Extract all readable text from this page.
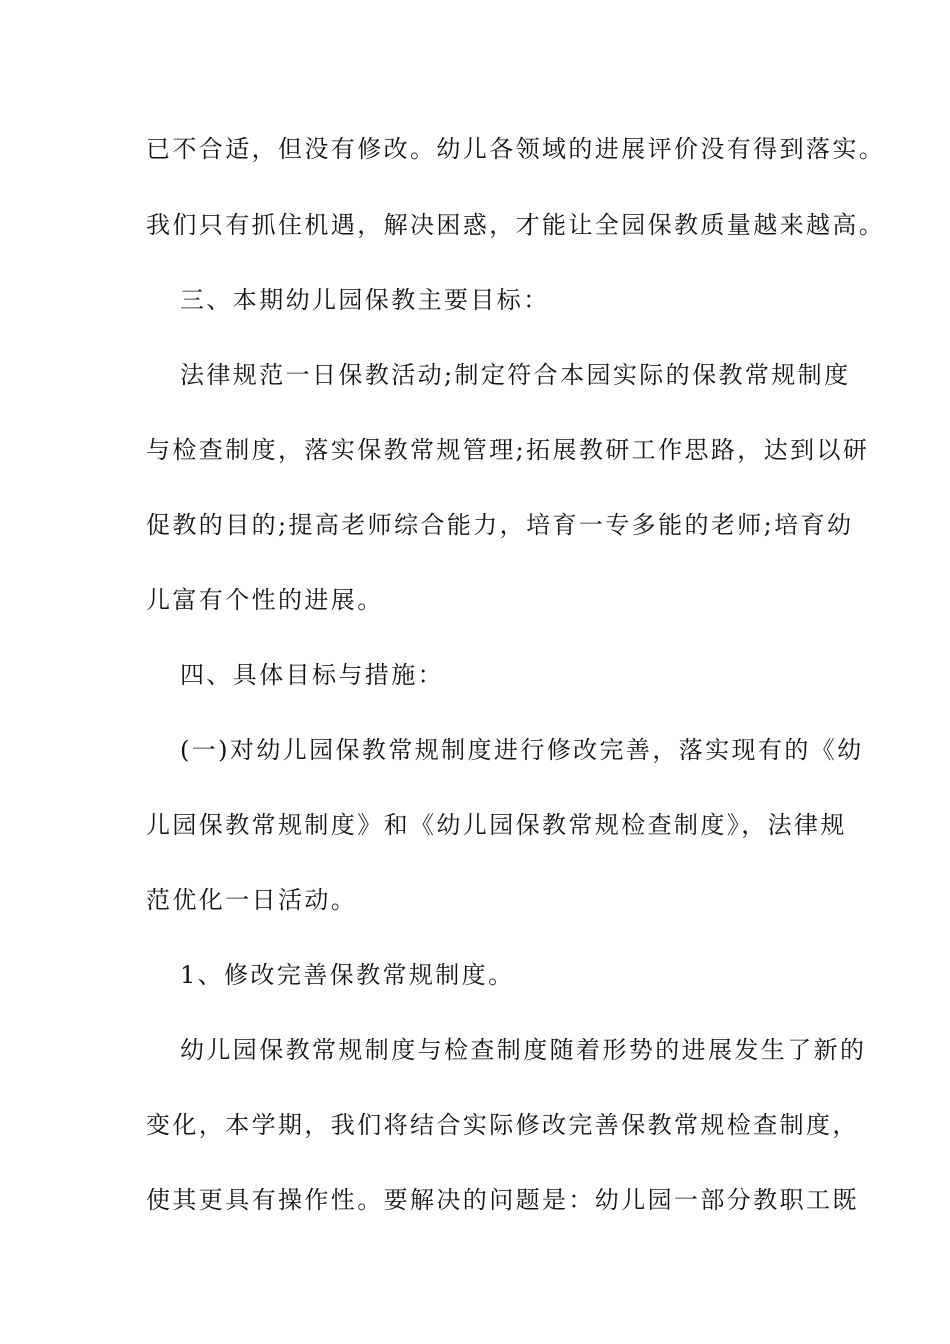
已不合适，但没有修改。幼儿各领域的进展评价没有得到落实。
我们只有抓住机遇，解决困惑，才能让全园保教质量越来越高。
三、本期幼儿园保教主要目标：
法律规范一日保教活动;制定符合本园实际的保教常规制度
与检查制度，落实保教常规管理;拓展教研工作思路，达到以研
促教的目的;提高老师综合能力，培育一专多能的老师;培育幼
儿富有个性的进展。
四、具体目标与措施：
(一)对幼儿园保教常规制度进行修改完善，落实现有的《幼
儿园保教常规制度》和《幼儿园保教常规检查制度》，法律规
范优化一日活动。
1、修改完善保教常规制度。
幼儿园保教常规制度与检查制度随着形势的进展发生了新的
变化，本学期，我们将结合实际修改完善保教常规检查制度，
使其更具有操作性。要解决的问题是：幼儿园一部分教职工既
